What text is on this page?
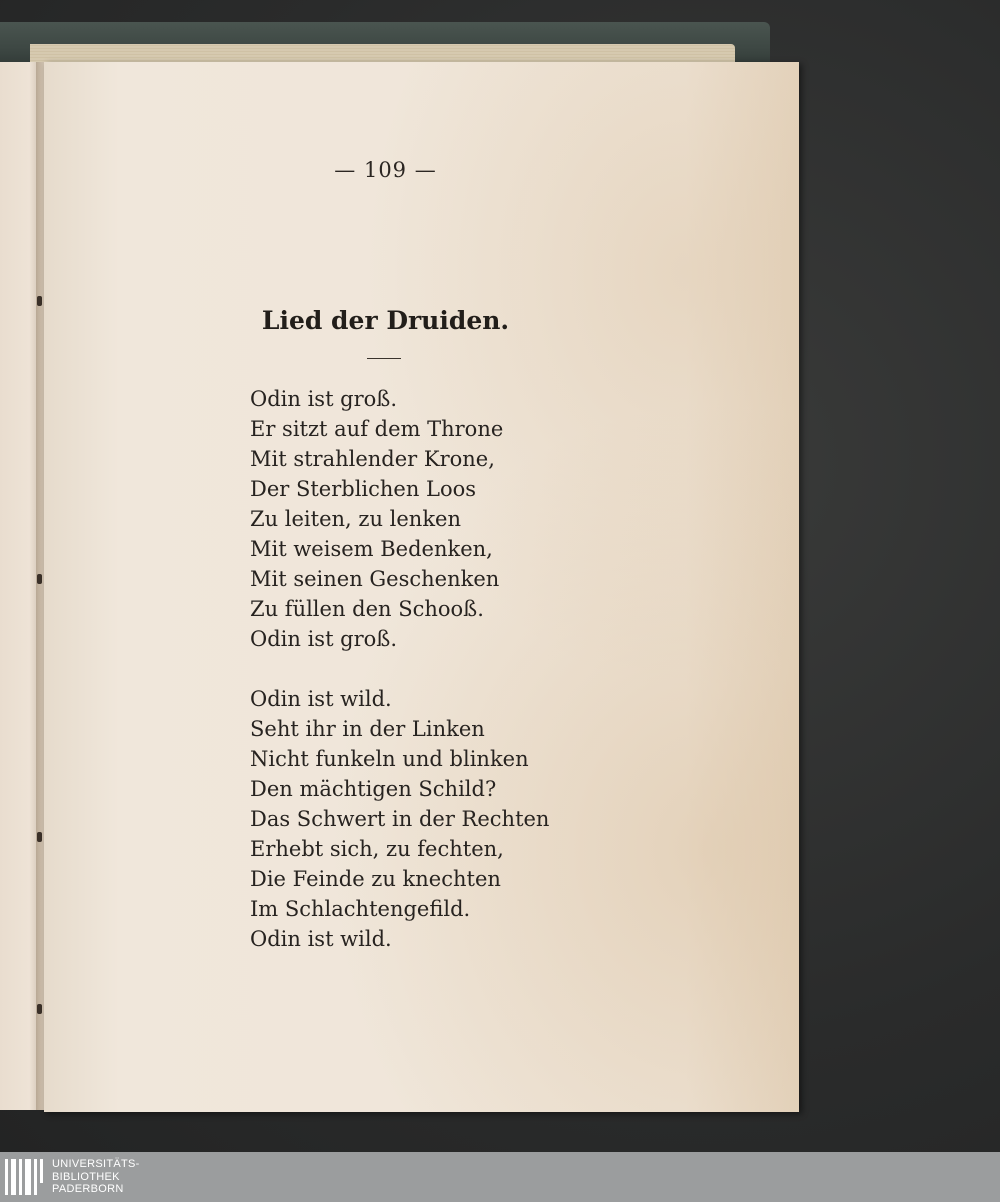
— 109 —

Lied der Druiden.
Odin ist groß.
Er sitzt auf dem Throne
Mit strahlender Krone,
Der Sterblichen Loos
Zu leiten, zu lenken
Mit weisem Bedenken,
Mit seinen Geschenken
Zu füllen den Schooß.
Odin ist groß.
Odin ist wild.
Seht ihr in der Linken
Nicht funkeln und blinken
Den mächtigen Schild?
Das Schwert in der Rechten
Erhebt sich, zu fechten,
Die Feinde zu knechten
Im Schlachtengefild.
Odin ist wild.
UNIVERSITÄTS-
BIBLIOTHEK
PADERBORN
